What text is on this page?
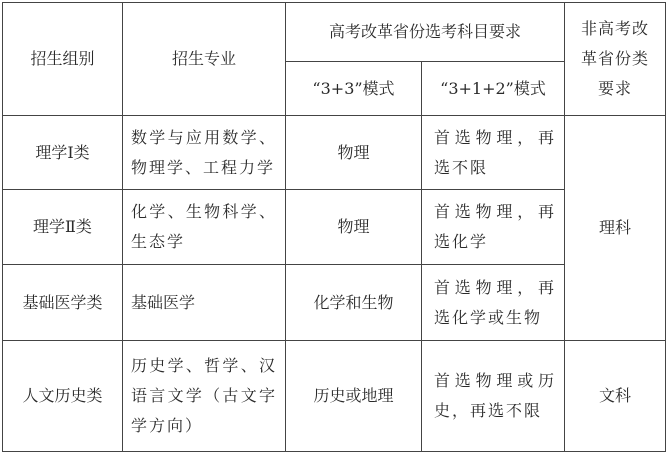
招生组别	招生专业	高考改革省份选考科目要求		非高考改革省份类要求
		“3+3”模式	“3+1+2”模式	
理学Ⅰ类	数学与应用数学、物理学、工程力学	物理	首选物理，再选不限	理科
理学Ⅱ类	化学、生物科学、生态学	物理	首选物理，再选化学	
基础医学类	基础医学	化学和生物	首选物理，再选化学或生物	
人文历史类	历史学、哲学、汉语言文学（古文字学方向）	历史或地理	首选物理或历史，再选不限	文科
